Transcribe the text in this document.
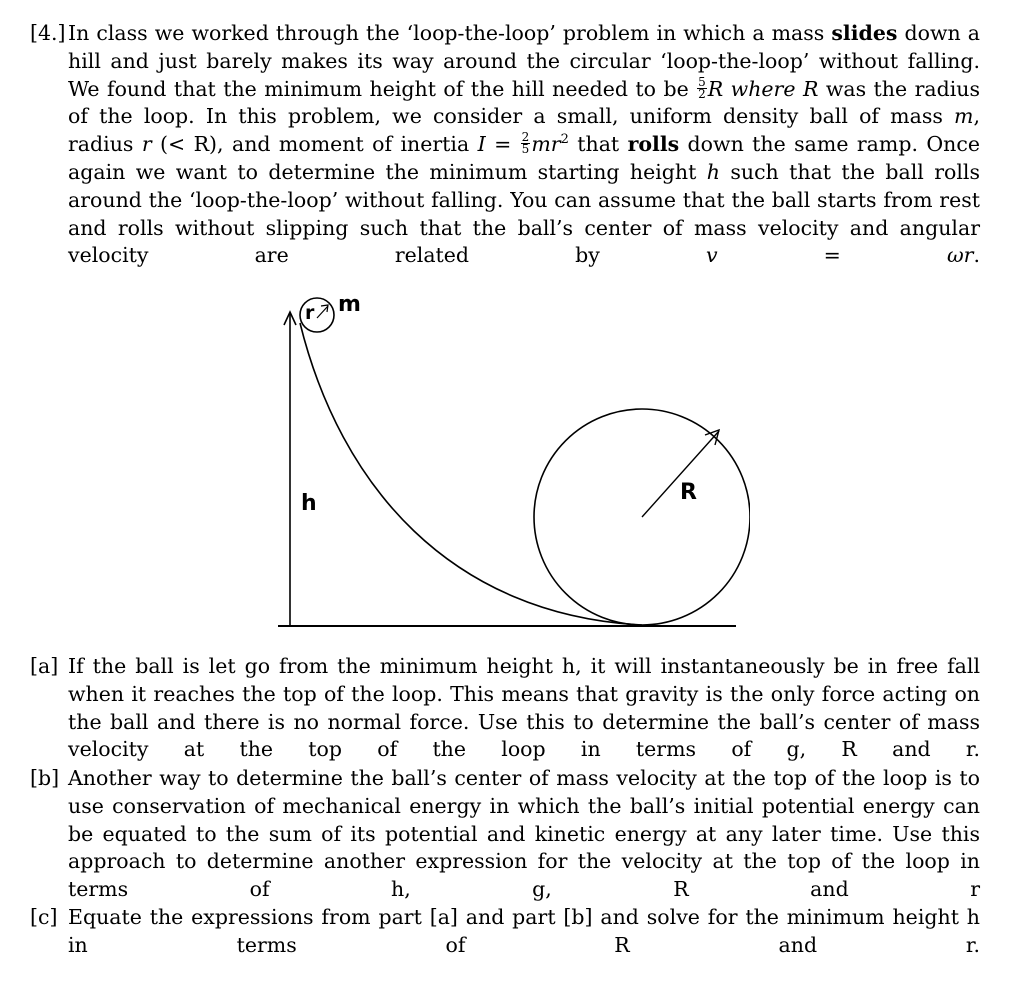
[4.] In class we worked through the ‘loop-the-loop’ problem in which a mass slides down a hill and just barely makes its way around the circular ‘loop-the-loop’ without falling. We found that the minimum height of the hill needed to be $\frac{5}{2}$ R where R was the radius of the loop. In this problem, we consider a small, uniform density ball of mass m, radius r (< R), and moment of inertia $I = \frac{2}{5} mr^2$ that rolls down the same ramp. Once again we want to determine the minimum starting height h such that the ball rolls around the ‘loop-the-loop’ without falling. You can assume that the ball starts from rest and rolls without slipping such that the ball’s center of mass velocity and angular velocity are related by v = ωr.
r m
h	R
[a] If the ball is let go from the minimum height h, it will instantaneously be in free fall when it reaches the top of the loop. This means that gravity is the only force acting on the ball and there is no normal force. Use this to determine the ball’s center of mass velocity at the top of the loop in terms of g, R and r.
[b] Another way to determine the ball’s center of mass velocity at the top of the loop is to use conservation of mechanical energy in which the ball’s initial potential energy can be equated to the sum of its potential and kinetic energy at any later time. Use this approach to determine another expression for the velocity at the top of the loop in terms of h, g, R and r
[c] Equate the expressions from part [a] and part [b] and solve for the minimum height h in terms of R and r.
